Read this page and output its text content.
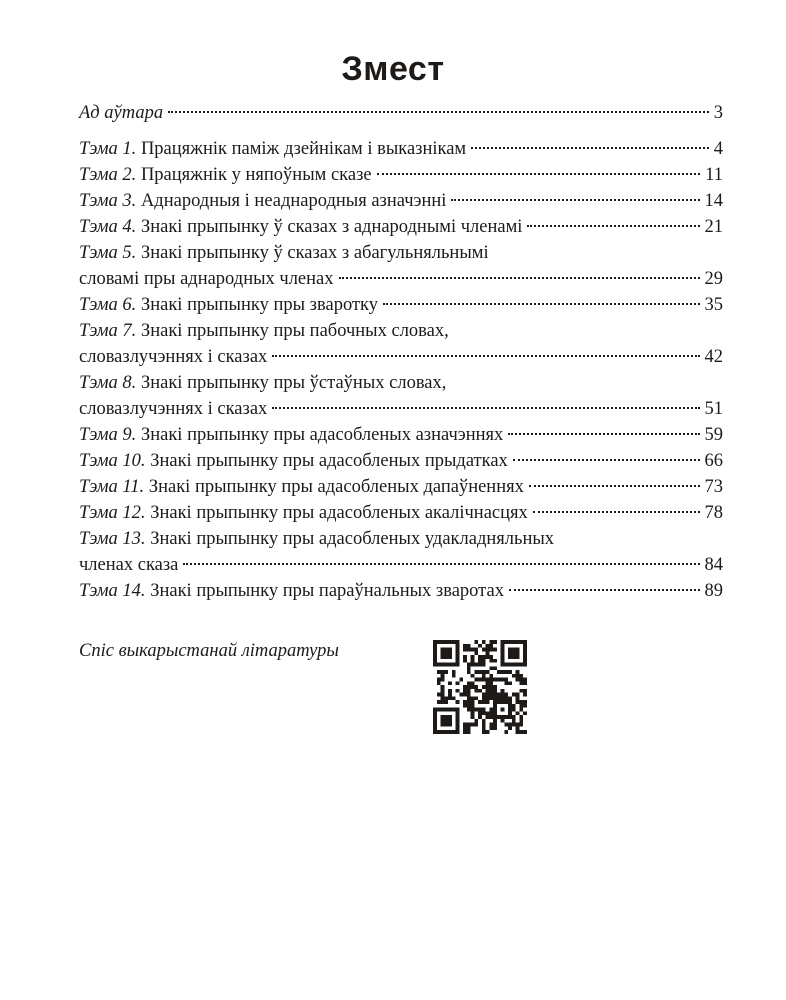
Змест
Ад аўтара	3
Тэма 1. Працяжнік паміж дзейнікам і выказнікам	4
Тэма 2. Працяжнік у няпоўным сказе	11
Тэма 3. Аднародныя і неаднародныя азначэнні	14
Тэма 4. Знакі прыпынку ў сказах з аднароднымі членамі	21
Тэма 5. Знакі прыпынку ў сказах з абагульняльнымі
словамі пры аднародных членах	29
Тэма 6. Знакі прыпынку пры зваротку	35
Тэма 7. Знакі прыпынку пры пабочных словах,
словазлучэннях і сказах	42
Тэма 8. Знакі прыпынку пры ўстаўных словах,
словазлучэннях і сказах	51
Тэма 9. Знакі прыпынку пры адасобленых азначэннях	59
Тэма 10. Знакі прыпынку пры адасобленых прыдатках	66
Тэма 11. Знакі прыпынку пры адасобленых дапаўненнях	73
Тэма 12. Знакі прыпынку пры адасобленых акалічнасцях	78
Тэма 13. Знакі прыпынку пры адасобленых удакладняльных
членах сказа	84
Тэма 14. Знакі прыпынку пры параўнальных зваротах	89
Спіс выкарыстанай літаратуры
